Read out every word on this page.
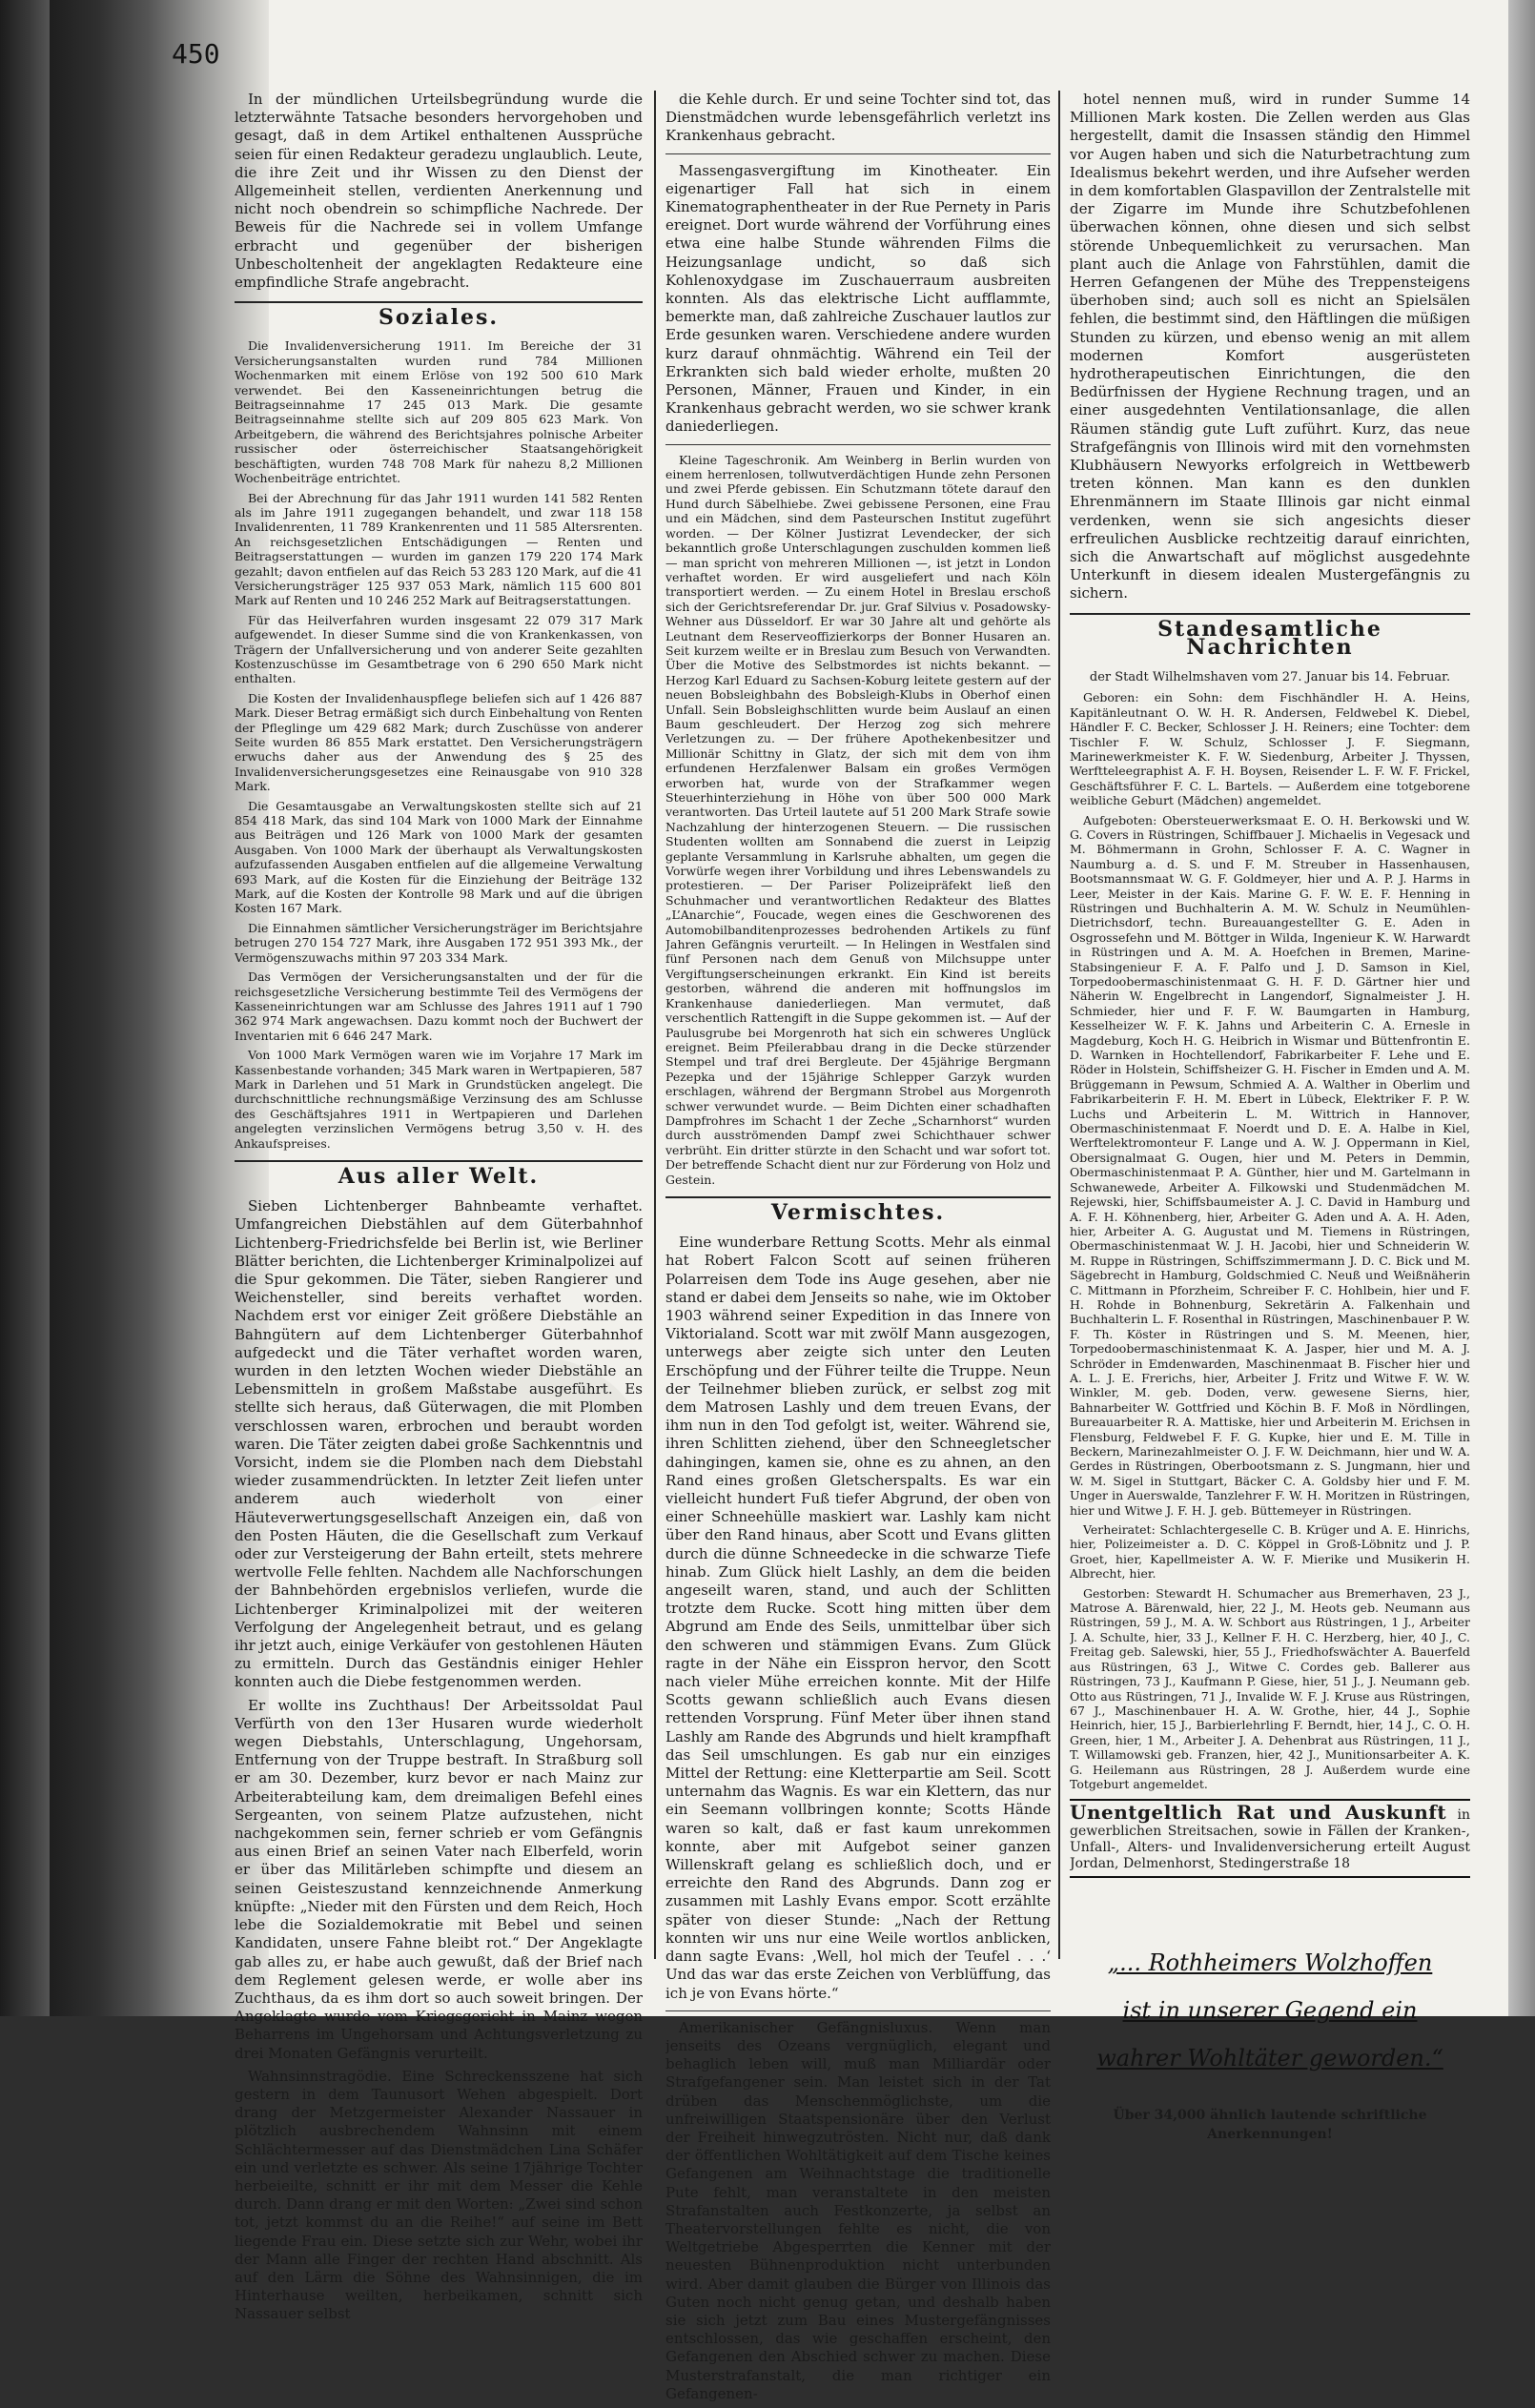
450

In der mündlichen Urteilsbegründung wurde die letzterwähnte Tatsache besonders hervorgehoben und gesagt, daß in dem Artikel enthaltenen Aussprüche seien für einen Redakteur geradezu unglaublich. Leute, die ihre Zeit und ihr Wissen zu den Dienst der Allgemeinheit stellen, verdienten Anerkennung und nicht noch obendrein so schimpfliche Nachrede. Der Beweis für die Nachrede sei in vollem Umfange erbracht und gegenüber der bisherigen Unbescholtenheit der angeklagten Redakteure eine empfindliche Strafe angebracht.

Soziales.

Die Invalidenversicherung 1911. Im Bereiche der 31 Versicherungsanstalten wurden rund 784 Millionen Wochenmarken mit einem Erlöse von 192 500 610 Mark verwendet. Bei den Kasseneinrichtungen betrug die Beitragseinnahme 17 245 013 Mark. Die gesamte Beitragseinnahme stellte sich auf 209 805 623 Mark. Von Arbeitgebern, die während des Berichtsjahres polnische Arbeiter russischer oder österreichischer Staatsangehörigkeit beschäftigten, wurden 748 708 Mark für nahezu 8,2 Millionen Wochenbeiträge entrichtet.

Bei der Abrechnung für das Jahr 1911 wurden 141 582 Renten als im Jahre 1911 zugegangen behandelt, und zwar 118 158 Invalidenrenten, 11 789 Krankenrenten und 11 585 Altersrenten. An reichsgesetzlichen Entschädigungen — Renten und Beitragserstattungen — wurden im ganzen 179 220 174 Mark gezahlt; davon entfielen auf das Reich 53 283 120 Mark, auf die 41 Versicherungsträger 125 937 053 Mark, nämlich 115 600 801 Mark auf Renten und 10 246 252 Mark auf Beitragserstattungen.

Für das Heilverfahren wurden insgesamt 22 079 317 Mark aufgewendet. In dieser Summe sind die von Krankenkassen, von Trägern der Unfallversicherung und von anderer Seite gezahlten Kostenzuschüsse im Gesamtbetrage von 6 290 650 Mark nicht enthalten.

Die Kosten der Invalidenhauspflege beliefen sich auf 1 426 887 Mark. Dieser Betrag ermäßigt sich durch Einbehaltung von Renten der Pfleglinge um 429 682 Mark; durch Zuschüsse von anderer Seite wurden 86 855 Mark erstattet. Den Versicherungsträgern erwuchs daher aus der Anwendung des § 25 des Invalidenversicherungsgesetzes eine Reinausgabe von 910 328 Mark.

Die Gesamtausgabe an Verwaltungskosten stellte sich auf 21 854 418 Mark, das sind 104 Mark von 1000 Mark der Einnahme aus Beiträgen und 126 Mark von 1000 Mark der gesamten Ausgaben. Von 1000 Mark der überhaupt als Verwaltungskosten aufzufassenden Ausgaben entfielen auf die allgemeine Verwaltung 693 Mark, auf die Kosten für die Einziehung der Beiträge 132 Mark, auf die Kosten der Kontrolle 98 Mark und auf die übrigen Kosten 167 Mark.

Die Einnahmen sämtlicher Versicherungsträger im Berichtsjahre betrugen 270 154 727 Mark, ihre Ausgaben 172 951 393 Mk., der Vermögenszuwachs mithin 97 203 334 Mark.

Das Vermögen der Versicherungsanstalten und der für die reichsgesetzliche Versicherung bestimmte Teil des Vermögens der Kasseneinrichtungen war am Schlusse des Jahres 1911 auf 1 790 362 974 Mark angewachsen. Dazu kommt noch der Buchwert der Inventarien mit 6 646 247 Mark.

Von 1000 Mark Vermögen waren wie im Vorjahre 17 Mark im Kassenbestande vorhanden; 345 Mark waren in Wertpapieren, 587 Mark in Darlehen und 51 Mark in Grundstücken angelegt. Die durchschnittliche rechnungsmäßige Verzinsung des am Schlusse des Geschäftsjahres 1911 in Wertpapieren und Darlehen angelegten verzinslichen Vermögens betrug 3,50 v. H. des Ankaufspreises.

Aus aller Welt.

Sieben Lichtenberger Bahnbeamte verhaftet. Umfangreichen Diebstählen auf dem Güterbahnhof Lichtenberg-Friedrichsfelde bei Berlin ist, wie Berliner Blätter berichten, die Lichtenberger Kriminalpolizei auf die Spur gekommen. Die Täter, sieben Rangierer und Weichensteller, sind bereits verhaftet worden. Nachdem erst vor einiger Zeit größere Diebstähle an Bahngütern auf dem Lichtenberger Güterbahnhof aufgedeckt und die Täter verhaftet worden waren, wurden in den letzten Wochen wieder Diebstähle an Lebensmitteln in großem Maßstabe ausgeführt. Es stellte sich heraus, daß Güterwagen, die mit Plomben verschlossen waren, erbrochen und beraubt worden waren. Die Täter zeigten dabei große Sachkenntnis und Vorsicht, indem sie die Plomben nach dem Diebstahl wieder zusammendrückten. In letzter Zeit liefen unter anderem auch wiederholt von einer Häuteverwertungsgesellschaft Anzeigen ein, daß von den Posten Häuten, die die Gesellschaft zum Verkauf oder zur Versteigerung der Bahn erteilt, stets mehrere wertvolle Felle fehlten. Nachdem alle Nachforschungen der Bahnbehörden ergebnislos verliefen, wurde die Lichtenberger Kriminalpolizei mit der weiteren Verfolgung der Angelegenheit betraut, und es gelang ihr jetzt auch, einige Verkäufer von gestohlenen Häuten zu ermitteln. Durch das Geständnis einiger Hehler konnten auch die Diebe festgenommen werden.

Er wollte ins Zuchthaus! Der Arbeitssoldat Paul Verfürth von den 13er Husaren wurde wiederholt wegen Diebstahls, Unterschlagung, Ungehorsam, Entfernung von der Truppe bestraft. In Straßburg soll er am 30. Dezember, kurz bevor er nach Mainz zur Arbeiterabteilung kam, dem dreimaligen Befehl eines Sergeanten, von seinem Platze aufzustehen, nicht nachgekommen sein, ferner schrieb er vom Gefängnis aus einen Brief an seinen Vater nach Elberfeld, worin er über das Militärleben schimpfte und diesem an seinen Geisteszustand kennzeichnende Anmerkung knüpfte: „Nieder mit den Fürsten und dem Reich, Hoch lebe die Sozialdemokratie mit Bebel und seinen Kandidaten, unsere Fahne bleibt rot.“ Der Angeklagte gab alles zu, er habe auch gewußt, daß der Brief nach dem Reglement gelesen werde, er wolle aber ins Zuchthaus, da es ihm dort so auch soweit bringen. Der Angeklagte wurde vom Kriegsgericht in Mainz wegen Beharrens im Ungehorsam und Achtungsverletzung zu drei Monaten Gefängnis verurteilt.

Wahnsinnstragödie. Eine Schreckensszene hat sich gestern in dem Taunusort Wehen abgespielt. Dort drang der Metzgermeister Alexander Nassauer in plötzlich ausbrechendem Wahnsinn mit einem Schlächtermesser auf das Dienstmädchen Lina Schäfer ein und verletzte es schwer. Als seine 17jährige Tochter herbeieilte, schnitt er ihr mit dem Messer die Kehle durch. Dann drang er mit den Worten: „Zwei sind schon tot, jetzt kommst du an die Reihe!“ auf seine im Bett liegende Frau ein. Diese setzte sich zur Wehr, wobei ihr der Mann alle Finger der rechten Hand abschnitt. Als auf den Lärm die Söhne des Wahnsinnigen, die im Hinterhause weilten, herbeikamen, schnitt sich Nassauer selbst

die Kehle durch. Er und seine Tochter sind tot, das Dienstmädchen wurde lebensgefährlich verletzt ins Krankenhaus gebracht.

Massengasvergiftung im Kinotheater. Ein eigenartiger Fall hat sich in einem Kinematographentheater in der Rue Pernety in Paris ereignet. Dort wurde während der Vorführung eines etwa eine halbe Stunde währenden Films die Heizungsanlage undicht, so daß sich Kohlenoxydgase im Zuschauerraum ausbreiten konnten. Als das elektrische Licht aufflammte, bemerkte man, daß zahlreiche Zuschauer lautlos zur Erde gesunken waren. Verschiedene andere wurden kurz darauf ohnmächtig. Während ein Teil der Erkrankten sich bald wieder erholte, mußten 20 Personen, Männer, Frauen und Kinder, in ein Krankenhaus gebracht werden, wo sie schwer krank daniederliegen.

Kleine Tageschronik. Am Weinberg in Berlin wurden von einem herrenlosen, tollwutverdächtigen Hunde zehn Personen und zwei Pferde gebissen. Ein Schutzmann tötete darauf den Hund durch Säbelhiebe. Zwei gebissene Personen, eine Frau und ein Mädchen, sind dem Pasteurschen Institut zugeführt worden. — Der Kölner Justizrat Levendecker, der sich bekanntlich große Unterschlagungen zuschulden kommen ließ — man spricht von mehreren Millionen —, ist jetzt in London verhaftet worden. Er wird ausgeliefert und nach Köln transportiert werden. — Zu einem Hotel in Breslau erschoß sich der Gerichtsreferendar Dr. jur. Graf Silvius v. Posadowsky-Wehner aus Düsseldorf. Er war 30 Jahre alt und gehörte als Leutnant dem Reserveoffizierkorps der Bonner Husaren an. Seit kurzem weilte er in Breslau zum Besuch von Verwandten. Über die Motive des Selbstmordes ist nichts bekannt. — Herzog Karl Eduard zu Sachsen-Koburg leitete gestern auf der neuen Bobsleighbahn des Bobsleigh-Klubs in Oberhof einen Unfall. Sein Bobsleighschlitten wurde beim Auslauf an einen Baum geschleudert. Der Herzog zog sich mehrere Verletzungen zu. — Der frühere Apothekenbesitzer und Millionär Schittny in Glatz, der sich mit dem von ihm erfundenen Herzfalenwer Balsam ein großes Vermögen erworben hat, wurde von der Strafkammer wegen Steuerhinterziehung in Höhe von über 500 000 Mark verantworten. Das Urteil lautete auf 51 200 Mark Strafe sowie Nachzahlung der hinterzogenen Steuern. — Die russischen Studenten wollten am Sonnabend die zuerst in Leipzig geplante Versammlung in Karlsruhe abhalten, um gegen die Vorwürfe wegen ihrer Vorbildung und ihres Lebenswandels zu protestieren. — Der Pariser Polizeipräfekt ließ den Schuhmacher und verantwortlichen Redakteur des Blattes „L’Anarchie“, Foucade, wegen eines die Geschworenen des Automobilbanditenprozesses bedrohenden Artikels zu fünf Jahren Gefängnis verurteilt. — In Helingen in Westfalen sind fünf Personen nach dem Genuß von Milchsuppe unter Vergiftungserscheinungen erkrankt. Ein Kind ist bereits gestorben, während die anderen mit hoffnungslos im Krankenhause daniederliegen. Man vermutet, daß verschentlich Rattengift in die Suppe gekommen ist. — Auf der Paulusgrube bei Morgenroth hat sich ein schweres Unglück ereignet. Beim Pfeilerabbau drang in die Decke stürzender Stempel und traf drei Bergleute. Der 45jährige Bergmann Pezepka und der 15jährige Schlepper Garzyk wurden erschlagen, während der Bergmann Strobel aus Morgenroth schwer verwundet wurde. — Beim Dichten einer schadhaften Dampfrohres im Schacht 1 der Zeche „Scharnhorst“ wurden durch ausströmenden Dampf zwei Schichthauer schwer verbrüht. Ein dritter stürzte in den Schacht und war sofort tot. Der betreffende Schacht dient nur zur Förderung von Holz und Gestein.

Vermischtes.

Eine wunderbare Rettung Scotts. Mehr als einmal hat Robert Falcon Scott auf seinen früheren Polarreisen dem Tode ins Auge gesehen, aber nie stand er dabei dem Jenseits so nahe, wie im Oktober 1903 während seiner Expedition in das Innere von Viktorialand. Scott war mit zwölf Mann ausgezogen, unterwegs aber zeigte sich unter den Leuten Erschöpfung und der Führer teilte die Truppe. Neun der Teilnehmer blieben zurück, er selbst zog mit dem Matrosen Lashly und dem treuen Evans, der ihm nun in den Tod gefolgt ist, weiter. Während sie, ihren Schlitten ziehend, über den Schneegletscher dahingingen, kamen sie, ohne es zu ahnen, an den Rand eines großen Gletscherspalts. Es war ein vielleicht hundert Fuß tiefer Abgrund, der oben von einer Schneehülle maskiert war. Lashly kam nicht über den Rand hinaus, aber Scott und Evans glitten durch die dünne Schneedecke in die schwarze Tiefe hinab. Zum Glück hielt Lashly, an dem die beiden angeseilt waren, stand, und auch der Schlitten trotzte dem Rucke. Scott hing mitten über dem Abgrund am Ende des Seils, unmittelbar über sich den schweren und stämmigen Evans. Zum Glück ragte in der Nähe ein Eisspron hervor, den Scott nach vieler Mühe erreichen konnte. Mit der Hilfe Scotts gewann schließlich auch Evans diesen rettenden Vorsprung. Fünf Meter über ihnen stand Lashly am Rande des Abgrunds und hielt krampfhaft das Seil umschlungen. Es gab nur ein einziges Mittel der Rettung: eine Kletterpartie am Seil. Scott unternahm das Wagnis. Es war ein Klettern, das nur ein Seemann vollbringen konnte; Scotts Hände waren so kalt, daß er fast kaum unrekommen konnte, aber mit Aufgebot seiner ganzen Willenskraft gelang es schließlich doch, und er erreichte den Rand des Abgrunds. Dann zog er zusammen mit Lashly Evans empor. Scott erzählte später von dieser Stunde: „Nach der Rettung konnten wir uns nur eine Weile wortlos anblicken, dann sagte Evans: ‚Well, hol mich der Teufel . . .‘ Und das war das erste Zeichen von Verblüffung, das ich je von Evans hörte.“

Amerikanischer Gefängnisluxus. Wenn man jenseits des Ozeans vergnüglich, elegant und behaglich leben will, muß man Milliardär oder Strafgefangener sein. Man leistet sich in der Tat drüben das Menschenmöglichste, um die unfreiwilligen Staatspensionäre über den Verlust der Freiheit hinwegzutrösten. Nicht nur, daß dank der öffentlichen Wohltätigkeit auf dem Tische keines Gefangenen am Weihnachtstage die traditionelle Pute fehlt, man veranstaltete in den meisten Strafanstalten auch Festkonzerte, ja selbst an Theatervorstellungen fehlte es nicht, die von Weltgetriebe Abgesperrten die Kenner mit der neuesten Bühnenproduktion nicht unterbunden wird. Aber damit glauben die Bürger von Illinois das Guten noch nicht genug getan, und deshalb haben sie sich jetzt zum Bau eines Mustergefängnisses entschlossen, das wie geschaffen erscheint, den Gefangenen den Abschied schwer zu machen. Diese Musterstrafanstalt, die man richtiger ein Gefangenen-

hotel nennen muß, wird in runder Summe 14 Millionen Mark kosten. Die Zellen werden aus Glas hergestellt, damit die Insassen ständig den Himmel vor Augen haben und sich die Naturbetrachtung zum Idealismus bekehrt werden, und ihre Aufseher werden in dem komfortablen Glaspavillon der Zentralstelle mit der Zigarre im Munde ihre Schutzbefohlenen überwachen können, ohne diesen und sich selbst störende Unbequemlichkeit zu verursachen. Man plant auch die Anlage von Fahrstühlen, damit die Herren Gefangenen der Mühe des Treppensteigens überhoben sind; auch soll es nicht an Spielsälen fehlen, die bestimmt sind, den Häftlingen die müßigen Stunden zu kürzen, und ebenso wenig an mit allem modernen Komfort ausgerüsteten hydrotherapeutischen Einrichtungen, die den Bedürfnissen der Hygiene Rechnung tragen, und an einer ausgedehnten Ventilationsanlage, die allen Räumen ständig gute Luft zuführt. Kurz, das neue Strafgefängnis von Illinois wird mit den vornehmsten Klubhäusern Newyorks erfolgreich in Wettbewerb treten können. Man kann es den dunklen Ehrenmännern im Staate Illinois gar nicht einmal verdenken, wenn sie sich angesichts dieser erfreulichen Ausblicke rechtzeitig darauf einrichten, sich die Anwartschaft auf möglichst ausgedehnte Unterkunft in diesem idealen Mustergefängnis zu sichern.

Standesamtliche Nachrichten
der Stadt Wilhelmshaven vom 27. Januar bis 14. Februar.

Geboren: ein Sohn: dem Fischhändler H. A. Heins, Kapitänleutnant O. W. H. R. Andersen, Feldwebel K. Diebel, Händler F. C. Becker, Schlosser J. H. Reiners; eine Tochter: dem Tischler F. W. Schulz, Schlosser J. F. Siegmann, Marinewerkmeister K. F. W. Siedenburg, Arbeiter J. Thyssen, Werftteleegraphist A. F. H. Boysen, Reisender L. F. W. F. Frickel, Geschäftsführer F. C. L. Bartels. — Außerdem eine totgeborene weibliche Geburt (Mädchen) angemeldet.

Aufgeboten: Obersteuerwerksmaat E. O. H. Berkowski und W. G. Covers in Rüstringen, Schiffbauer J. Michaelis in Vegesack und M. Böhmermann in Grohn, Schlosser F. A. C. Wagner in Naumburg a. d. S. und F. M. Streuber in Hassenhausen, Bootsmannsmaat W. G. F. Goldmeyer, hier und A. P. J. Harms in Leer, Meister in der Kais. Marine G. F. W. E. F. Henning in Rüstringen und Buchhalterin A. M. W. Schulz in Neumühlen-Dietrichsdorf, techn. Bureauangestellter G. E. Aden in Osgrossefehn und M. Böttger in Wilda, Ingenieur K. W. Harwardt in Rüstringen und A. M. A. Hoefchen in Bremen, Marine-Stabsingenieur F. A. F. Palfo und J. D. Samson in Kiel, Torpedoobermaschinistenmaat G. H. F. D. Gärtner hier und Näherin W. Engelbrecht in Langendorf, Signalmeister J. H. Schmieder, hier und F. F. W. Baumgarten in Hamburg, Kesselheizer W. F. K. Jahns und Arbeiterin C. A. Ernesle in Magdeburg, Koch H. G. Heibrich in Wismar und Büttenfrontin E. D. Warnken in Hochtellendorf, Fabrikarbeiter F. Lehe und E. Röder in Holstein, Schiffsheizer G. H. Fischer in Emden und A. M. Brüggemann in Pewsum, Schmied A. A. Walther in Oberlim und Fabrikarbeiterin F. H. M. Ebert in Lübeck, Elektriker F. P. W. Luchs und Arbeiterin L. M. Wittrich in Hannover, Obermaschinistenmaat F. Noerdt und D. E. A. Halbe in Kiel, Werftelektromonteur F. Lange und A. W. J. Oppermann in Kiel, Obersignalmaat G. Ougen, hier und M. Peters in Demmin, Obermaschinistenmaat P. A. Günther, hier und M. Gartelmann in Schwanewede, Arbeiter A. Filkowski und Studenmädchen M. Rejewski, hier, Schiffsbaumeister A. J. C. David in Hamburg und A. F. H. Köhnenberg, hier, Arbeiter G. Aden und A. A. H. Aden, hier, Arbeiter A. G. Augustat und M. Tiemens in Rüstringen, Obermaschinistenmaat W. J. H. Jacobi, hier und Schneiderin W. M. Ruppe in Rüstringen, Schiffszimmermann J. D. C. Bick und M. Sägebrecht in Hamburg, Goldschmied C. Neuß und Weißnäherin C. Mittmann in Pforzheim, Schreiber F. C. Hohlbein, hier und F. H. Rohde in Bohnenburg, Sekretärin A. Falkenhain und Buchhalterin L. F. Rosenthal in Rüstringen, Maschinenbauer P. W. F. Th. Köster in Rüstringen und S. M. Meenen, hier, Torpedoobermaschinistenmaat K. A. Jasper, hier und M. A. J. Schröder in Emdenwarden, Maschinenmaat B. Fischer hier und A. L. J. E. Frerichs, hier, Arbeiter J. Fritz und Witwe F. W. W. Winkler, M. geb. Doden, verw. gewesene Sierns, hier, Bahnarbeiter W. Gottfried und Köchin B. F. Moß in Nördlingen, Bureauarbeiter R. A. Mattiske, hier und Arbeiterin M. Erichsen in Flensburg, Feldwebel F. F. G. Kupke, hier und E. M. Tille in Beckern, Marinezahlmeister O. J. F. W. Deichmann, hier und W. A. Gerdes in Rüstringen, Oberbootsmann z. S. Jungmann, hier und W. M. Sigel in Stuttgart, Bäcker C. A. Goldsby hier und F. M. Unger in Auerswalde, Tanzlehrer F. W. H. Moritzen in Rüstringen, hier und Witwe J. F. H. J. geb. Büttemeyer in Rüstringen.

Verheiratet: Schlachtergeselle C. B. Krüger und A. E. Hinrichs, hier, Polizeimeister a. D. C. Köppel in Groß-Löbnitz und J. P. Groet, hier, Kapellmeister A. W. F. Mierike und Musikerin H. Albrecht, hier.

Gestorben: Stewardt H. Schumacher aus Bremerhaven, 23 J., Matrose A. Bärenwald, hier, 22 J., M. Heots geb. Neumann aus Rüstringen, 59 J., M. A. W. Schbort aus Rüstringen, 1 J., Arbeiter J. A. Schulte, hier, 33 J., Kellner F. H. C. Herzberg, hier, 40 J., C. Freitag geb. Salewski, hier, 55 J., Friedhofswächter A. Bauerfeld aus Rüstringen, 63 J., Witwe C. Cordes geb. Ballerer aus Rüstringen, 73 J., Kaufmann P. Giese, hier, 51 J., J. Neumann geb. Otto aus Rüstringen, 71 J., Invalide W. F. J. Kruse aus Rüstringen, 67 J., Maschinenbauer H. A. W. Grothe, hier, 44 J., Sophie Heinrich, hier, 15 J., Barbierlehrling F. Berndt, hier, 14 J., C. O. H. Green, hier, 1 M., Arbeiter J. A. Dehenbrat aus Rüstringen, 11 J., T. Willamowski geb. Franzen, hier, 42 J., Munitionsarbeiter A. K. G. Heilemann aus Rüstringen, 28 J. Außerdem wurde eine Totgeburt angemeldet.

Unentgeltlich Rat und Auskunft in gewerblichen Streitsachen, sowie in Fällen der Kranken-, Unfall-, Alters- und Invalidenversicherung erteilt August Jordan, Delmenhorst, Stedingerstraße 18
„... Rothheimers Wolzhoffen
ist in unserer Gegend ein
wahrer Wohltäter geworden.“
Über 34,000 ähnlich lautende schriftliche Anerkennungen!
